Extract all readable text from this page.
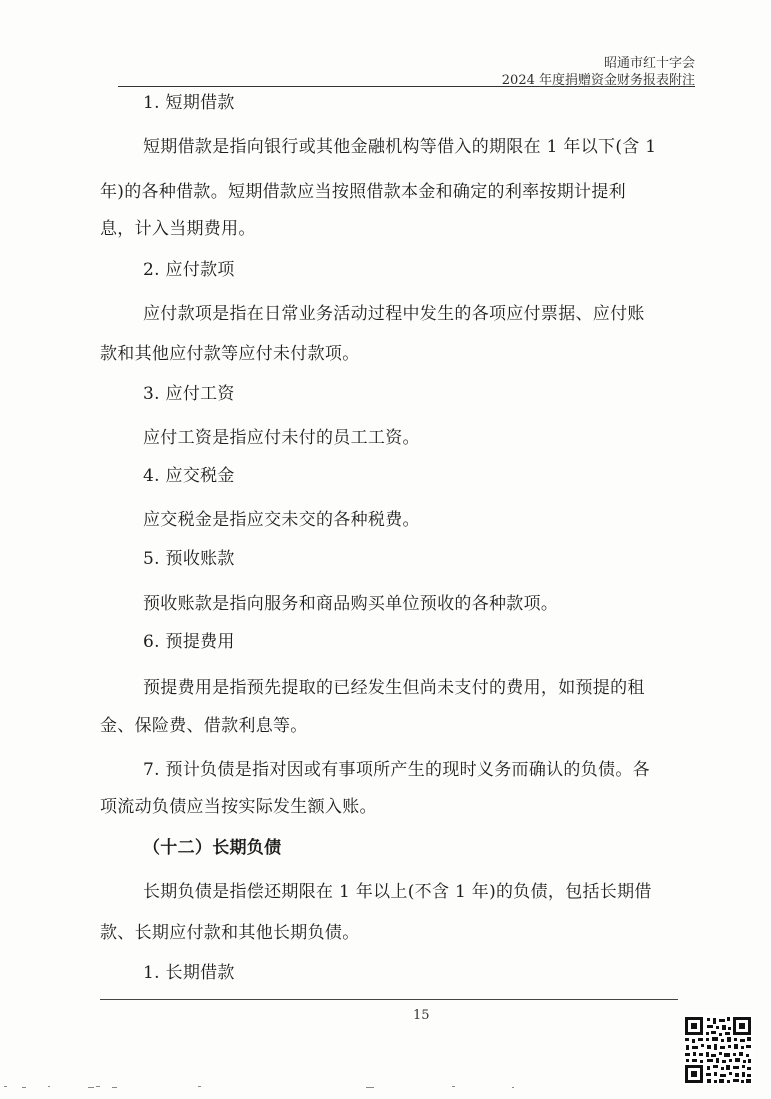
昭通市红十字会
2024 年度捐赠资金财务报表附注
1. 短期借款
短期借款是指向银行或其他金融机构等借入的期限在 1 年以下(含 1
年)的各种借款。短期借款应当按照借款本金和确定的利率按期计提利
息，计入当期费用。
2. 应付款项
应付款项是指在日常业务活动过程中发生的各项应付票据、应付账
款和其他应付款等应付未付款项。
3. 应付工资
应付工资是指应付未付的员工工资。
4. 应交税金
应交税金是指应交未交的各种税费。
5. 预收账款
预收账款是指向服务和商品购买单位预收的各种款项。
6. 预提费用
预提费用是指预先提取的已经发生但尚未支付的费用，如预提的租
金、保险费、借款利息等。
7. 预计负债是指对因或有事项所产生的现时义务而确认的负债。各
项流动负债应当按实际发生额入账。
（十二）长期负债
长期负债是指偿还期限在 1 年以上(不含 1 年)的负债，包括长期借
款、长期应付款和其他长期负债。
1. 长期借款
15
